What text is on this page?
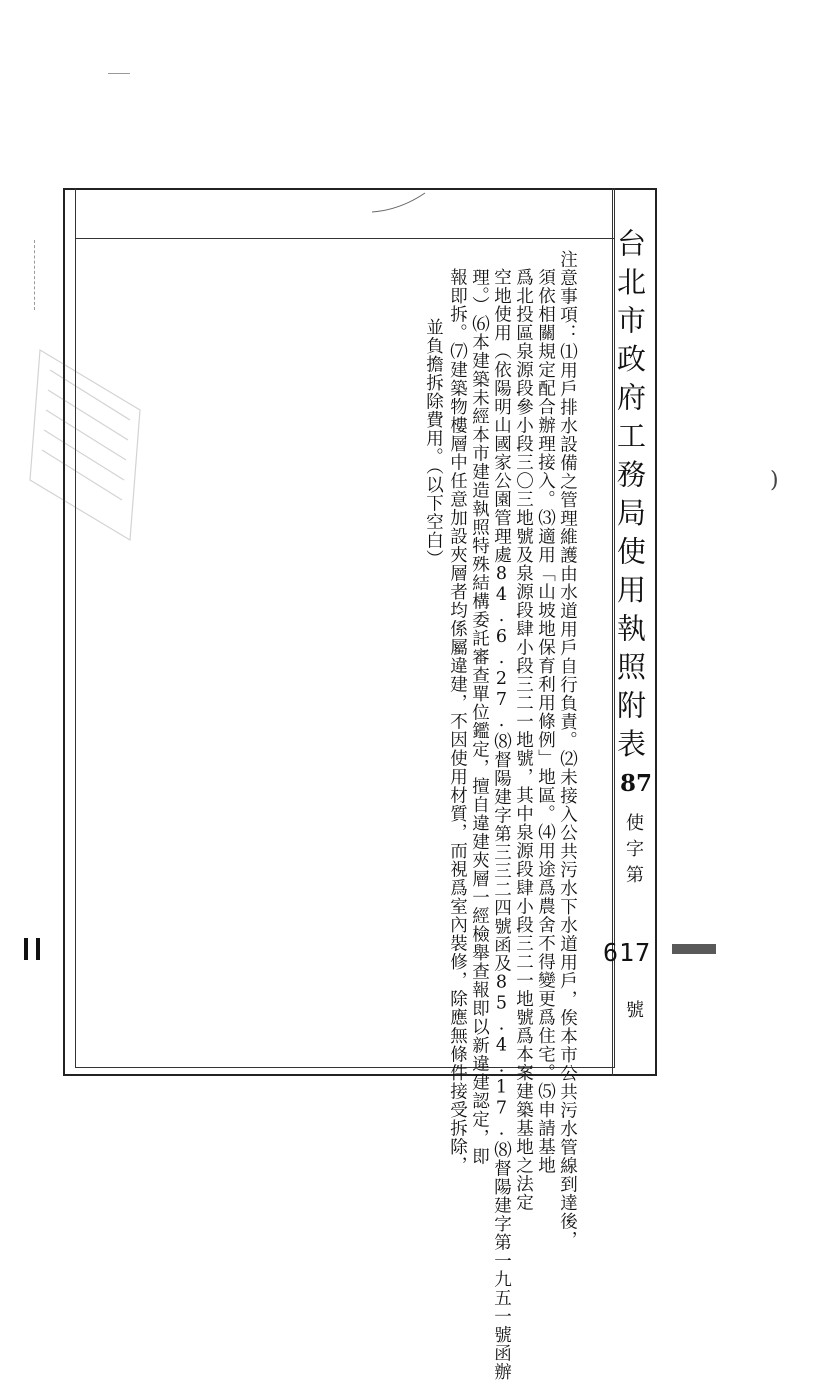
台北市政府工務局使用執照附表
87
使字第
617
號
注意事項：⑴用戶排水設備之管理維護由水道用戶自行負責。⑵未接入公共污水下水道用戶，俟本市公共污水管線到達後，
須依相關規定配合辦理接入。⑶適用「山坡地保育利用條例」地區。⑷用途爲農舍不得變更爲住宅。⑸申請基地
爲北投區泉源段參小段三〇三地號及泉源段肆小段三二一地號，其中泉源段肆小段三二一地號爲本案建築基地之法定
空地使用（依陽明山國家公園管理處84.6.27.⑻督陽建字第三三二四號函及85.4.17.⑻督陽建字第一九五一號函辦
理。）⑹本建築未經本市建造執照特殊結構委託審查單位鑑定，擅自違建夾層一經檢舉查報即以新違建認定，即
報即拆。⑺建築物樓層中任意加設夾層者均係屬違建，不因使用材質，而視爲室內裝修，除應無條件接受拆除，
並負擔拆除費用。（以下空白）	)
